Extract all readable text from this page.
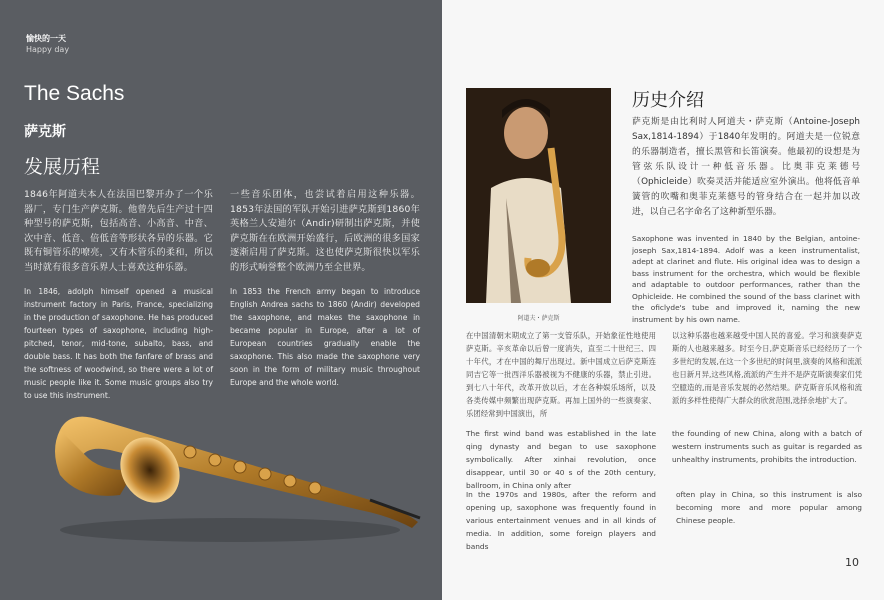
愉快的一天
Happy day
The Sachs
萨克斯
发展历程
1846年阿道夫本人在法国巴黎开办了一个乐器厂，专门生产萨克斯。他曾先后生产过十四种型号的萨克斯，包括高音、小高音、中音、次中音、低音、倍低音等形状各异的乐器。它既有铜管乐的嘹亮，又有木管乐的柔和，所以当时就有很多音乐界人士喜欢这种乐器。
一些音乐团体，也尝试着启用这种乐器。1853年法国的军队开始引进萨克斯到1860年英格兰人安迪尔（Andir)研制出萨克斯，并使萨克斯在在欧洲开始盛行，后欧洲的很多国家逐渐启用了萨克斯。这也使萨克斯很快以军乐的形式响誉整个欧洲乃至全世界。
In 1846, adolph himself opened a musical instrument factory in Paris, France, specializing in the production of saxophone. He has produced fourteen types of saxophone, including high-pitched, tenor, mid-tone, subalto, bass, and double bass. It has both the fanfare of brass and the softness of woodwind, so there were a lot of music people like it. Some music groups also try to use this instrument.
In 1853 the French army began to introduce English Andrea sachs to 1860 (Andir) developed the saxophone, and makes the saxophone in became popular in Europe, after a lot of European countries gradually enable the saxophone. This also made the saxophone very soon in the form of military music throughout Europe and the whole world.
阿道夫・萨克斯
历史介绍
萨克斯是由比利时人阿道夫・萨克斯（Antoine-Joseph Sax,1814-1894）于1840年发明的。阿道夫是一位锐意的乐器制造者，擅长黑管和长笛演奏。他最初的设想是为管弦乐队设计一种低音乐器。比奥菲克莱德号（Ophicleide）吹奏灵活并能适应室外演出。他将低音单簧管的吹嘴和奥菲克莱德号的管身结合在一起并加以改进，以自己名字命名了这种新型乐器。
Saxophone was invented in 1840 by the Belgian, antoine-joseph Sax,1814-1894. Adolf was a keen instrumentalist, adept at clarinet and flute. His original idea was to design a bass instrument for the orchestra, which would be flexible and adaptable to outdoor performances, rather than the Ophicleide. He combined the sound of the bass clarinet with the oficlyde's tube and improved it, naming the new instrument by his own name.
在中国清朝末期成立了第一支管乐队，开始象征性地使用萨克斯。辛亥革命以后曾一度消失，直至二十世纪三、四十年代，才在中国的舞厅出现过。新中国成立后萨克斯连同吉它等一批西洋乐器被视为不健康的乐器，禁止引进。到七八十年代，改革开放以后，才在各种娱乐场所，以及各类传媒中频繁出现萨克斯。再加上国外的一些演奏家、乐团经常到中国演出，所
以这种乐器也越来越受中国人民的喜爱。学习和演奏萨克斯的人也越来越多。时至今日,萨克斯音乐已经经历了一个多世纪的发展,在这一个多世纪的时间里,演奏的风格和流派也日新月异,这些风格,流派的产生并不是萨克斯演奏家们凭空臆造的,而是音乐发展的必然结果。萨克斯音乐风格和流派的多样性使得广大群众的欣赏范围,选择余地扩大了。
The first wind band was established in the late qing dynasty and began to use saxophone symbolically. After xinhai revolution, once disappear, until 30 or 40 s of the 20th century, ballroom, in China only after
the founding of new China, along with a batch of western instruments such as guitar is regarded as unhealthy instruments, prohibits the introduction.
In the 1970s and 1980s, after the reform and opening up, saxophone was frequently found in various entertainment venues and in all kinds of media. In addition, some foreign players and bands
often play in China, so this instrument is also becoming more and more popular among Chinese people.
10
